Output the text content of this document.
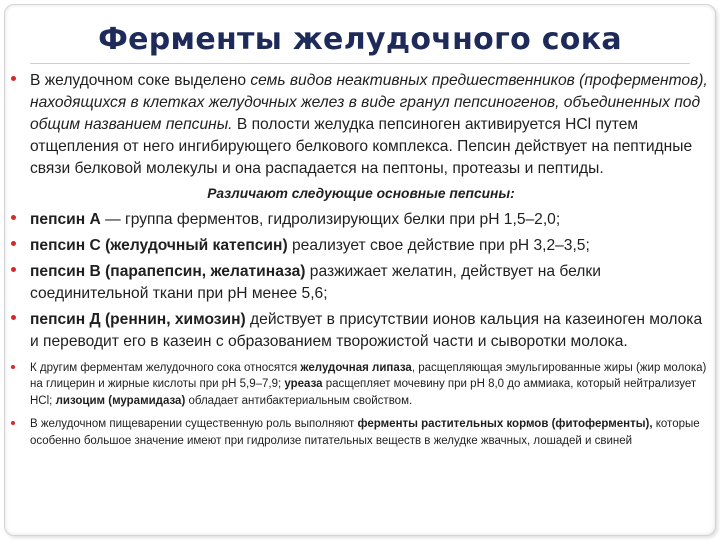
Ферменты желудочного сока
В желудочном соке выделено семь видов неактивных предшественников (проферментов), находящихся в клетках желудочных желез в виде гранул пепсиногенов, объединенных под общим названием пепсины. В полости желудка пепсиноген активируется HCl путем отщепления от него ингибирующего белкового комплекса. Пепсин действует на пептидные связи белковой молекулы и она распадается на пептоны, протеазы и пептиды.
Различают следующие основные пепсины:
пепсин А — группа ферментов, гидролизирующих белки при pH 1,5–2,0;
пепсин С (желудочный катепсин) реализует свое действие при pH 3,2–3,5;
пепсин В (парапепсин, желатиназа) разжижает желатин, действует на белки соединительной ткани при pH менее 5,6;
пепсин Д (реннин, химозин) действует в присутствии ионов кальция на казеиноген молока и переводит его в казеин с образованием творожистой части и сыворотки молока.
К другим ферментам желудочного сока относятся желудочная липаза, расщепляющая эмульгированные жиры (жир молока) на глицерин и жирные кислоты при pH 5,9–7,9; уреаза расщепляет мочевину при pH 8,0 до аммиака, который нейтрализует HCl; лизоцим (мурамидаза) обладает антибактериальным свойством.
В желудочном пищеварении существенную роль выполняют ферменты растительных кормов (фитоферменты), которые особенно большое значение имеют при гидролизе питательных веществ в желудке жвачных, лошадей и свиней
